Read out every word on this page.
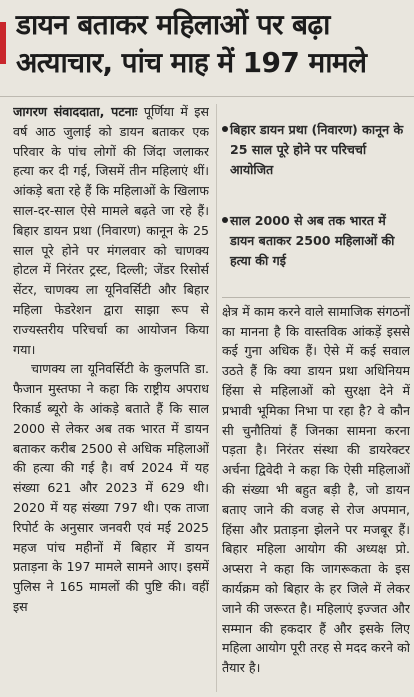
डायन बताकर महिलाओं पर बढ़ा
अत्याचार, पांच माह में 197 मामले

जागरण संवाददाता, पटनाः पूर्णिया में इस वर्ष आठ जुलाई को डायन बताकर एक परिवार के पांच लोगों की जिंदा जलाकर हत्या कर दी गई, जिसमें तीन महिलाएं थीं। आंकड़े बता रहे हैं कि महिलाओं के खिलाफ साल-दर-साल ऐसे मामले बढ़ते जा रहे हैं। बिहार डायन प्रथा (निवारण) कानून के 25 साल पूरे होने पर मंगलवार को चाणक्य होटल में निरंतर ट्रस्ट, दिल्ली; जेंडर रिसोर्स सेंटर, चाणक्य ला यूनिवर्सिटी और बिहार महिला फेडरेशन द्वारा साझा रूप से राज्यस्तरीय परिचर्चा का आयोजन किया गया।

चाणक्य ला यूनिवर्सिटी के कुलपति डा. फैजान मुस्तफा ने कहा कि राष्ट्रीय अपराध रिकार्ड ब्यूरो के आंकड़े बताते हैं कि साल 2000 से लेकर अब तक भारत में डायन बताकर करीब 2500 से अधिक महिलाओं की हत्या की गई है। वर्ष 2024 में यह संख्या 621 और 2023 में 629 थी। 2020 में यह संख्या 797 थी। एक ताजा रिपोर्ट के अनुसार जनवरी एवं मई 2025 महज पांच महीनों में बिहार में डायन प्रताड़ना के 197 मामले सामने आए। इसमें पुलिस ने 165 मामलों की पुष्टि की। वहीं इस

बिहार डायन प्रथा (निवारण) कानून के 25 साल पूरे होने पर परिचर्चा आयोजित
साल 2000 से अब तक भारत में डायन बताकर 2500 महिलाओं की हत्या की गई

क्षेत्र में काम करने वाले सामाजिक संगठनों का मानना है कि वास्तविक आंकड़ें इससे कई गुना अधिक हैं। ऐसे में कई सवाल उठते हैं कि क्या डायन प्रथा अधिनियम हिंसा से महिलाओं को सुरक्षा देने में प्रभावी भूमिका निभा पा रहा है? वे कौन सी चुनौतियां हैं जिनका सामना करना पड़ता है। निरंतर संस्था की डायरेक्टर अर्चना द्विवेदी ने कहा कि ऐसी महिलाओं की संख्या भी बहुत बड़ी है, जो डायन बताए जाने की वजह से रोज अपमान, हिंसा और प्रताड़ना झेलने पर मजबूर हैं। बिहार महिला आयोग की अध्यक्ष प्रो. अप्सरा ने कहा कि जागरूकता के इस कार्यक्रम को बिहार के हर जिले में लेकर जाने की जरूरत है। महिलाएं इज्जत और सम्मान की हकदार हैं और इसके लिए महिला आयोग पूरी तरह से मदद करने को तैयार है।
